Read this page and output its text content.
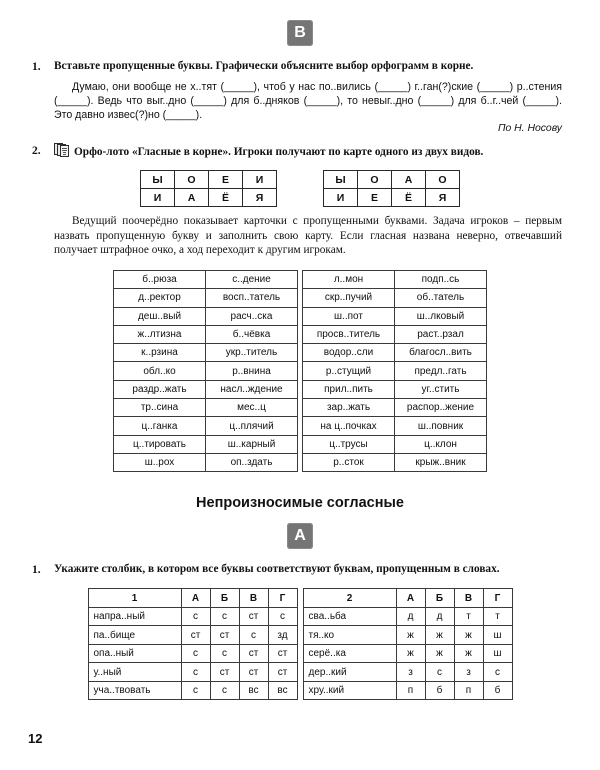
В
1.	Вставьте пропущенные буквы. Графически объясните выбор орфограмм в корне.
Думаю, они вообще не х..тят (_____), чтоб у нас по..вились (_____) г..ган(?)ские (_____) р..стения (_____). Ведь что выг..дно (_____) для б..дняков (_____), то невыг..дно (_____) для б..г..чей (_____). Это давно извес(?)но (_____).
По Н. Носову
2.	Орфо-лото «Гласные в корне». Игроки получают по карте одного из двух видов.
Ы	О	Е	И
И	А	Ё	Я
Ы	О	А	О
И	Е	Ё	Я
Ведущий поочерёдно показывает карточки с пропущенными буквами. Задача игроков – первым назвать пропущенную букву и заполнить свою карту. Если гласная названа неверно, отвечавший получает штрафное очко, а ход переходит к другим игрокам.
б..рюза	с..дение
д..ректор	восп..татель
деш..вый	расч..ска
ж..лтизна	б..чёвка
к..рзина	укр..титель
обл..ко	р..внина
раздр..жать	насл..ждение
тр..сина	мес..ц
ц..ганка	ц..плячий
ц..тировать	ш..карный
ш..рох	оп..здать
л..мон	подп..сь
скр..пучий	об..татель
ш..пот	ш..лковый
просв..титель	раст..рзал
водор..сли	благосл..вить
р..стущий	предл..гать
прил..пить	уг..стить
зар..жать	распор..жение
на ц..почках	ш..повник
ц..трусы	ц..клон
р..сток	крыж..вник
Непроизносимые согласные
А
1.	Укажите столбик, в котором все буквы соответствуют буквам, пропущенным в словах.
1	А	Б	В	Г
напра..ный	с	с	ст	с
па..бище	ст	ст	с	зд
опа..ный	с	с	ст	ст
у..ный	с	ст	ст	ст
уча..твовать	с	с	вс	вс
2	А	Б	В	Г
сва..ьба	д	д	т	т
тя..ко	ж	ж	ж	ш
серё..ка	ж	ж	ж	ш
дер..кий	з	с	з	с
хру..кий	п	б	п	б
12
